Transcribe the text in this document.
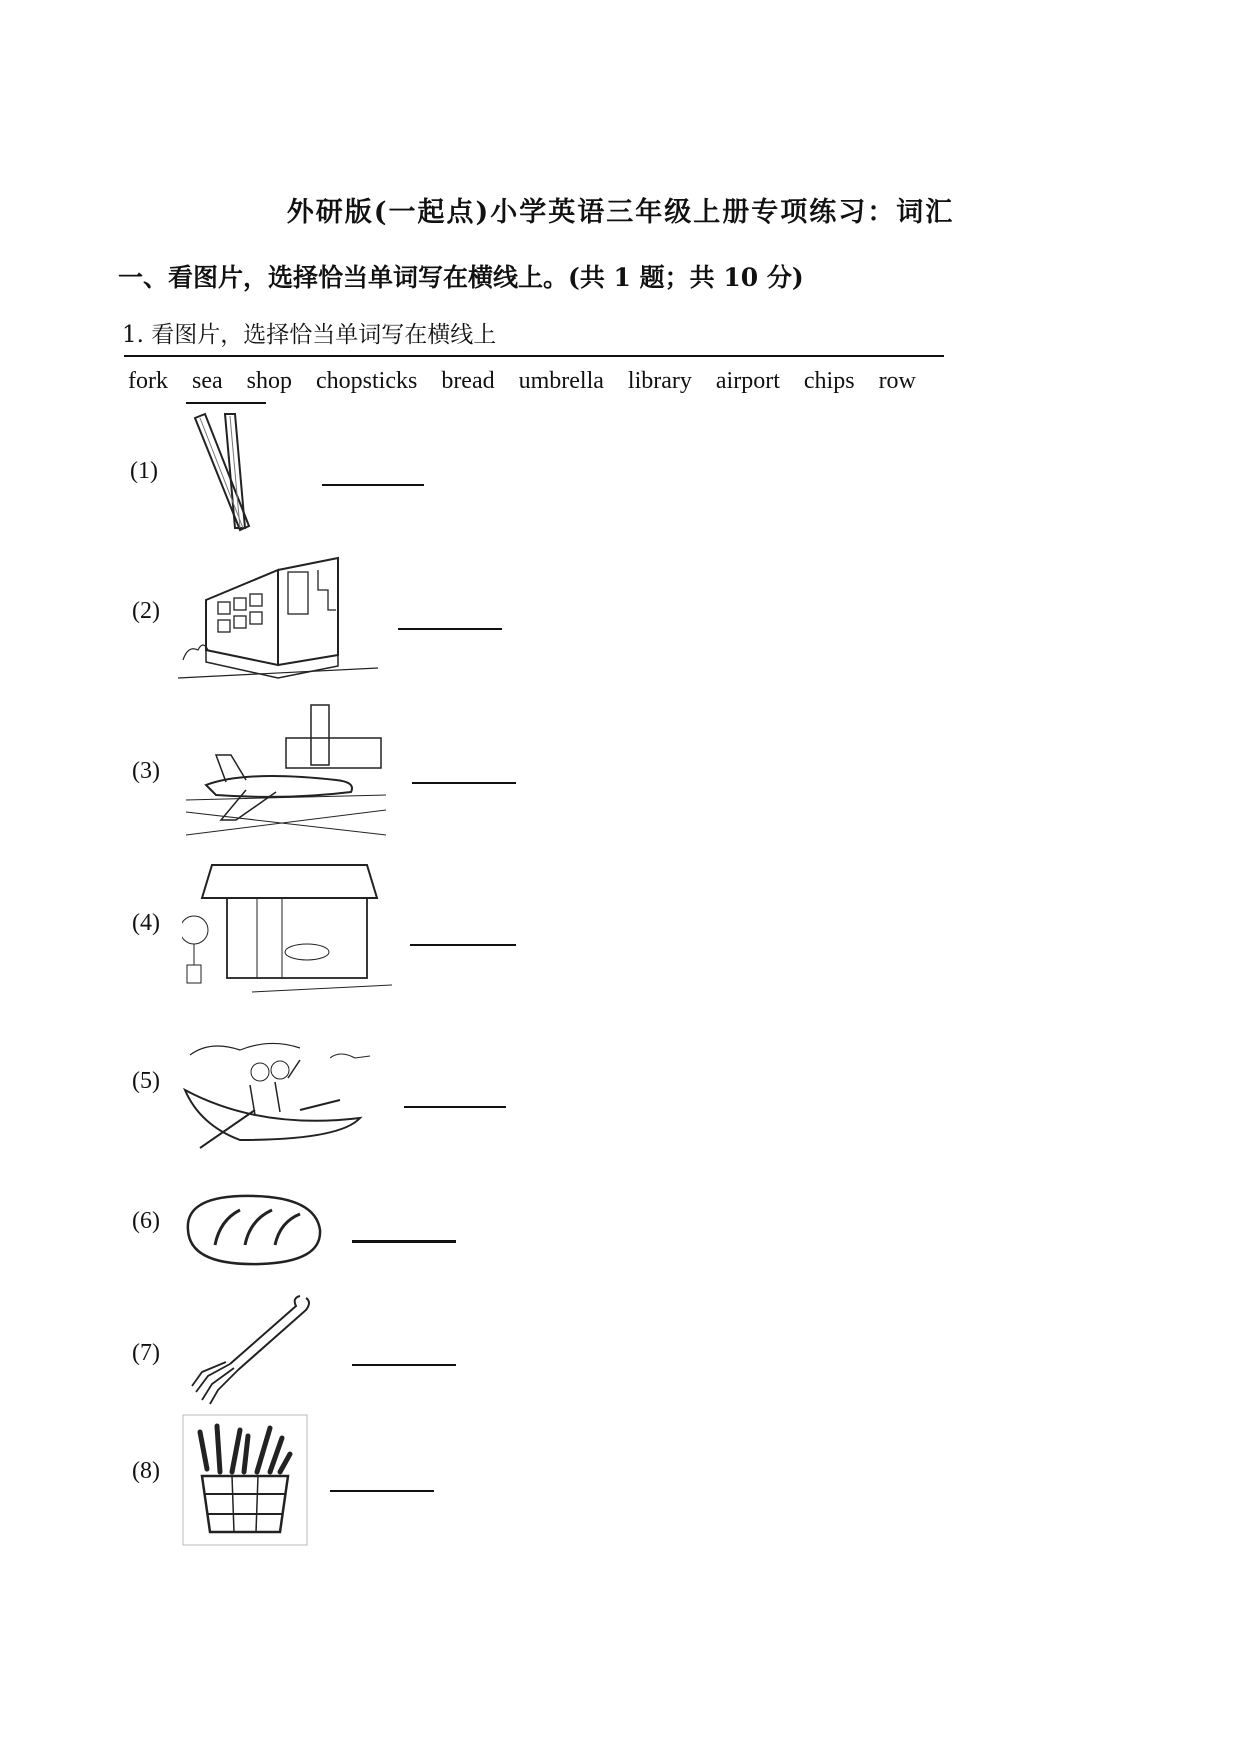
外研版(一起点)小学英语三年级上册专项练习：词汇
一、看图片，选择恰当单词写在横线上。(共 1 题；共 10 分)
1. 看图片，选择恰当单词写在横线上
fork sea shop chopsticks bread umbrella library airport chips row
(1)
(2)
(3)
(4)
(5)
(6)
(7)
(8)
